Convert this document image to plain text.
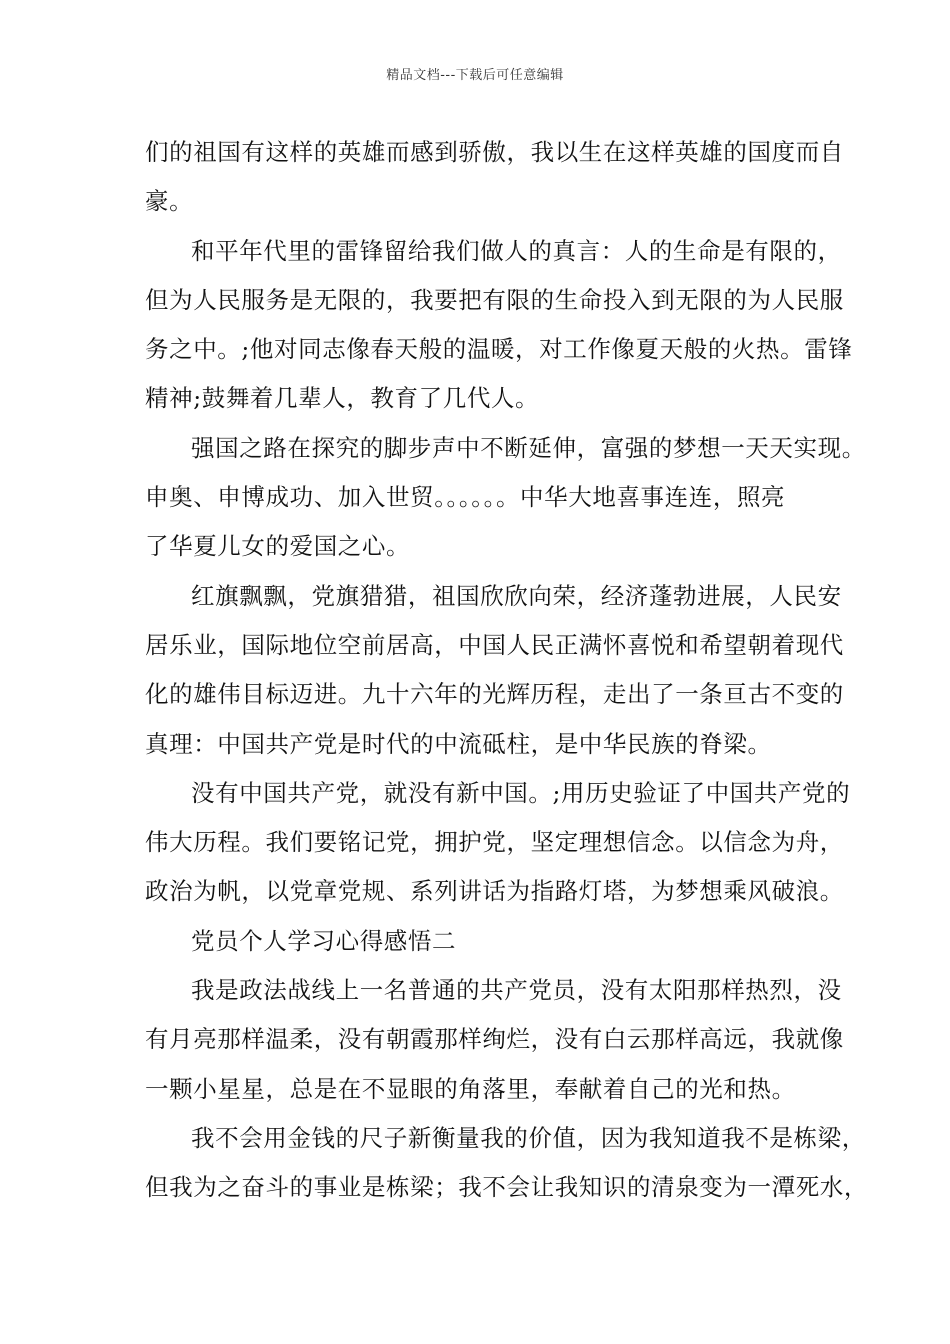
精品文档---下载后可任意编辑

们的祖国有这样的英雄而感到骄傲，我以生在这样英雄的国度而自
豪。

和平年代里的雷锋留给我们做人的真言：人的生命是有限的，
但为人民服务是无限的，我要把有限的生命投入到无限的为人民服
务之中。;他对同志像春天般的温暖，对工作像夏天般的火热。雷锋
精神;鼓舞着几辈人，教育了几代人。

强国之路在探究的脚步声中不断延伸，富强的梦想一天天实现。
申奥、申博成功、加入世贸。。。。。。中华大地喜事连连，照亮
了华夏儿女的爱国之心。

红旗飘飘，党旗猎猎，祖国欣欣向荣，经济蓬勃进展，人民安
居乐业，国际地位空前居高，中国人民正满怀喜悦和希望朝着现代
化的雄伟目标迈进。九十六年的光辉历程，走出了一条亘古不变的
真理：中国共产党是时代的中流砥柱，是中华民族的脊梁。

没有中国共产党，就没有新中国。;用历史验证了中国共产党的
伟大历程。我们要铭记党，拥护党，坚定理想信念。以信念为舟，
政治为帆，以党章党规、系列讲话为指路灯塔，为梦想乘风破浪。

党员个人学习心得感悟二

我是政法战线上一名普通的共产党员，没有太阳那样热烈，没
有月亮那样温柔，没有朝霞那样绚烂，没有白云那样高远，我就像
一颗小星星，总是在不显眼的角落里，奉献着自己的光和热。

我不会用金钱的尺子新衡量我的价值，因为我知道我不是栋梁，
但我为之奋斗的事业是栋梁；我不会让我知识的清泉变为一潭死水，
